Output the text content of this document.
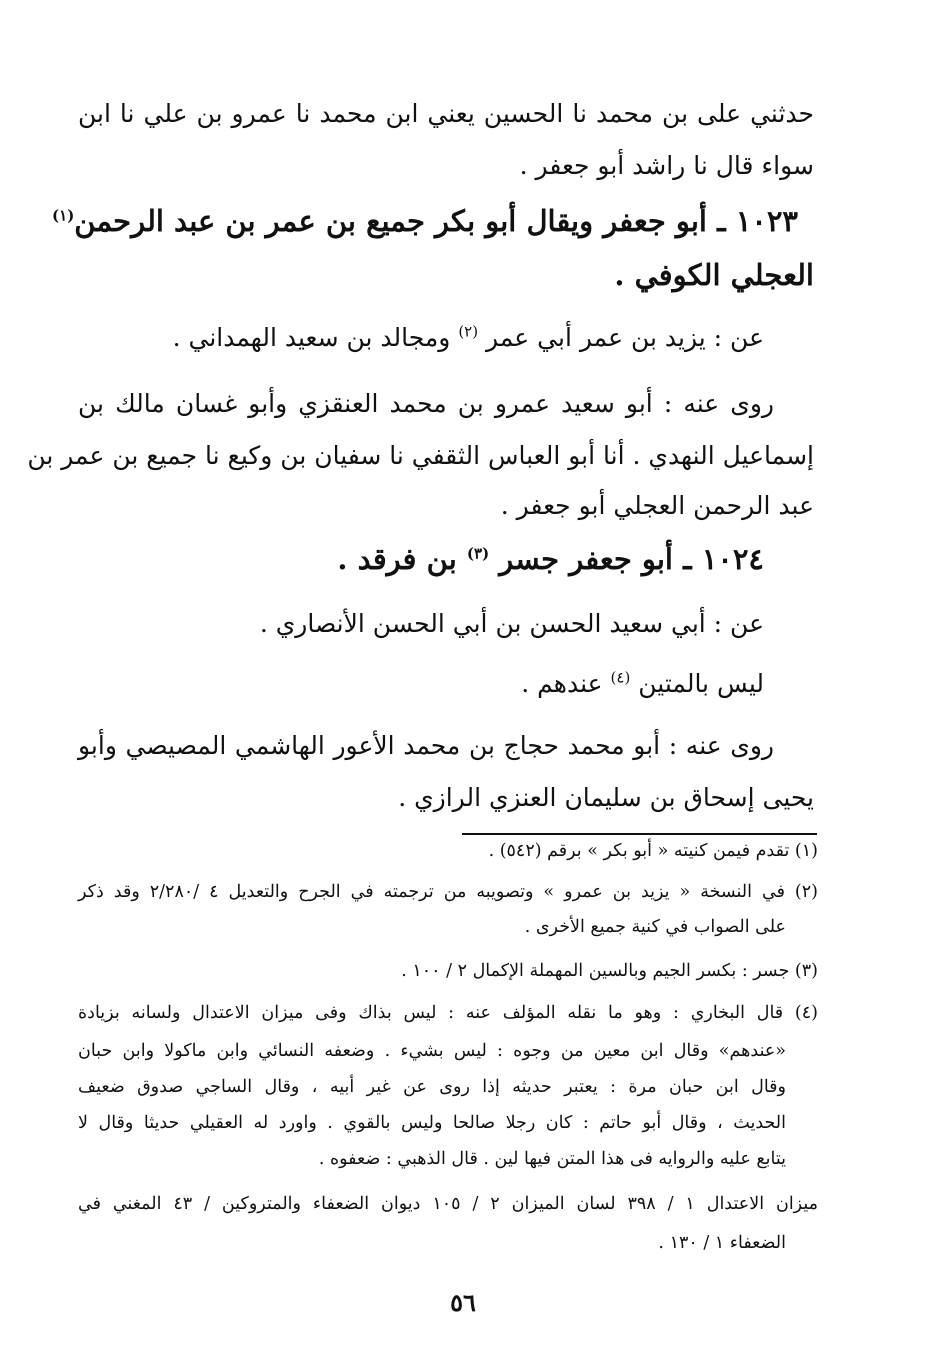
حدثني على بن محمد نا الحسين يعني ابن محمد نا عمرو بن علي نا ابن
سواء قال نا راشد أبو جعفر .
١٠٢٣ ـ أبو جعفر ويقال أبو بكر جميع بن عمر بن عبد الرحمن$^{(١)}$
العجلي الكوفي .
عن : يزيد بن عمر أبي عمر $^{(٢)}$ ومجالد بن سعيد الهمداني .
روى عنه : أبو سعيد عمرو بن محمد العنقزي وأبو غسان مالك بن
إسماعيل النهدي . أنا أبو العباس الثقفي نا سفيان بن وكيع نا جميع بن عمر بن
عبد الرحمن العجلي أبو جعفر .
١٠٢٤ ـ أبو جعفر جسر $^{(٣)}$ بن فرقد .
عن : أبي سعيد الحسن بن أبي الحسن الأنصاري .
ليس بالمتين $^{(٤)}$ عندهم .
روى عنه : أبو محمد حجاج بن محمد الأعور الهاشمي المصيصي وأبو
يحيى إسحاق بن سليمان العنزي الرازي .
(١) تقدم فيمن كنيته « أبو بكر » برقم (٥٤٢) .
(٢) في النسخة « يزيد بن عمرو » وتصويبه من ترجمته في الجرح والتعديل ٤ /٢/٢٨٠ وقد ذكر
على الصواب في كنية جميع الأخرى .
(٣) جسر : بكسر الجيم وبالسين المهملة الإكمال ٢ / ١٠٠ .
(٤) قال البخاري : وهو ما نقله المؤلف عنه : ليس بذاك وفى ميزان الاعتدال ولسانه بزيادة
«عندهم» وقال ابن معين من وجوه : ليس بشيء . وضعفه النسائي وابن ماكولا وابن حبان
وقال ابن حبان مرة : يعتبر حديثه إذا روى عن غير أبيه ، وقال الساجي صدوق ضعيف
الحديث ، وقال أبو حاتم : كان رجلا صالحا وليس بالقوي . واورد له العقيلي حديثا وقال لا
يتابع عليه والروايه فى هذا المتن فيها لين . قال الذهبي : ضعفوه .
ميزان الاعتدال ١ / ٣٩٨ لسان الميزان ٢ / ١٠٥ ديوان الضعفاء والمتروكين / ٤٣ المغني في
الضعفاء ١ / ١٣٠ .
٥٦
